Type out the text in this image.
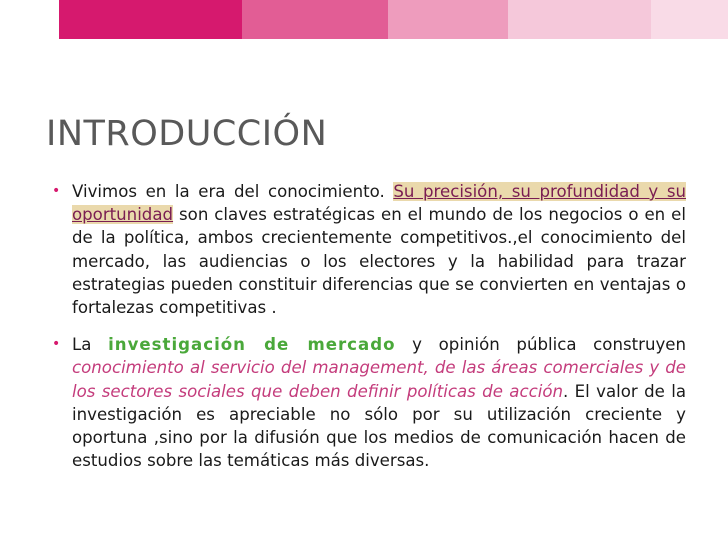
INTRODUCCIÓN
• Vivimos en la era del conocimiento. Su precisión, su profundidad y su oportunidad son claves estratégicas en el mundo de los negocios o en el de la política, ambos crecientemente competitivos.,el conocimiento del mercado, las audiencias o los electores y la habilidad para trazar estrategias pueden constituir diferencias que se convierten en ventajas o fortalezas competitivas .
• La investigación de mercado y opinión pública construyen conocimiento al servicio del management, de las áreas comerciales y de los sectores sociales que deben definir políticas de acción. El valor de la investigación es apreciable no sólo por su utilización creciente y oportuna ,sino por la difusión que los medios de comunicación hacen de estudios sobre las temáticas más diversas.
